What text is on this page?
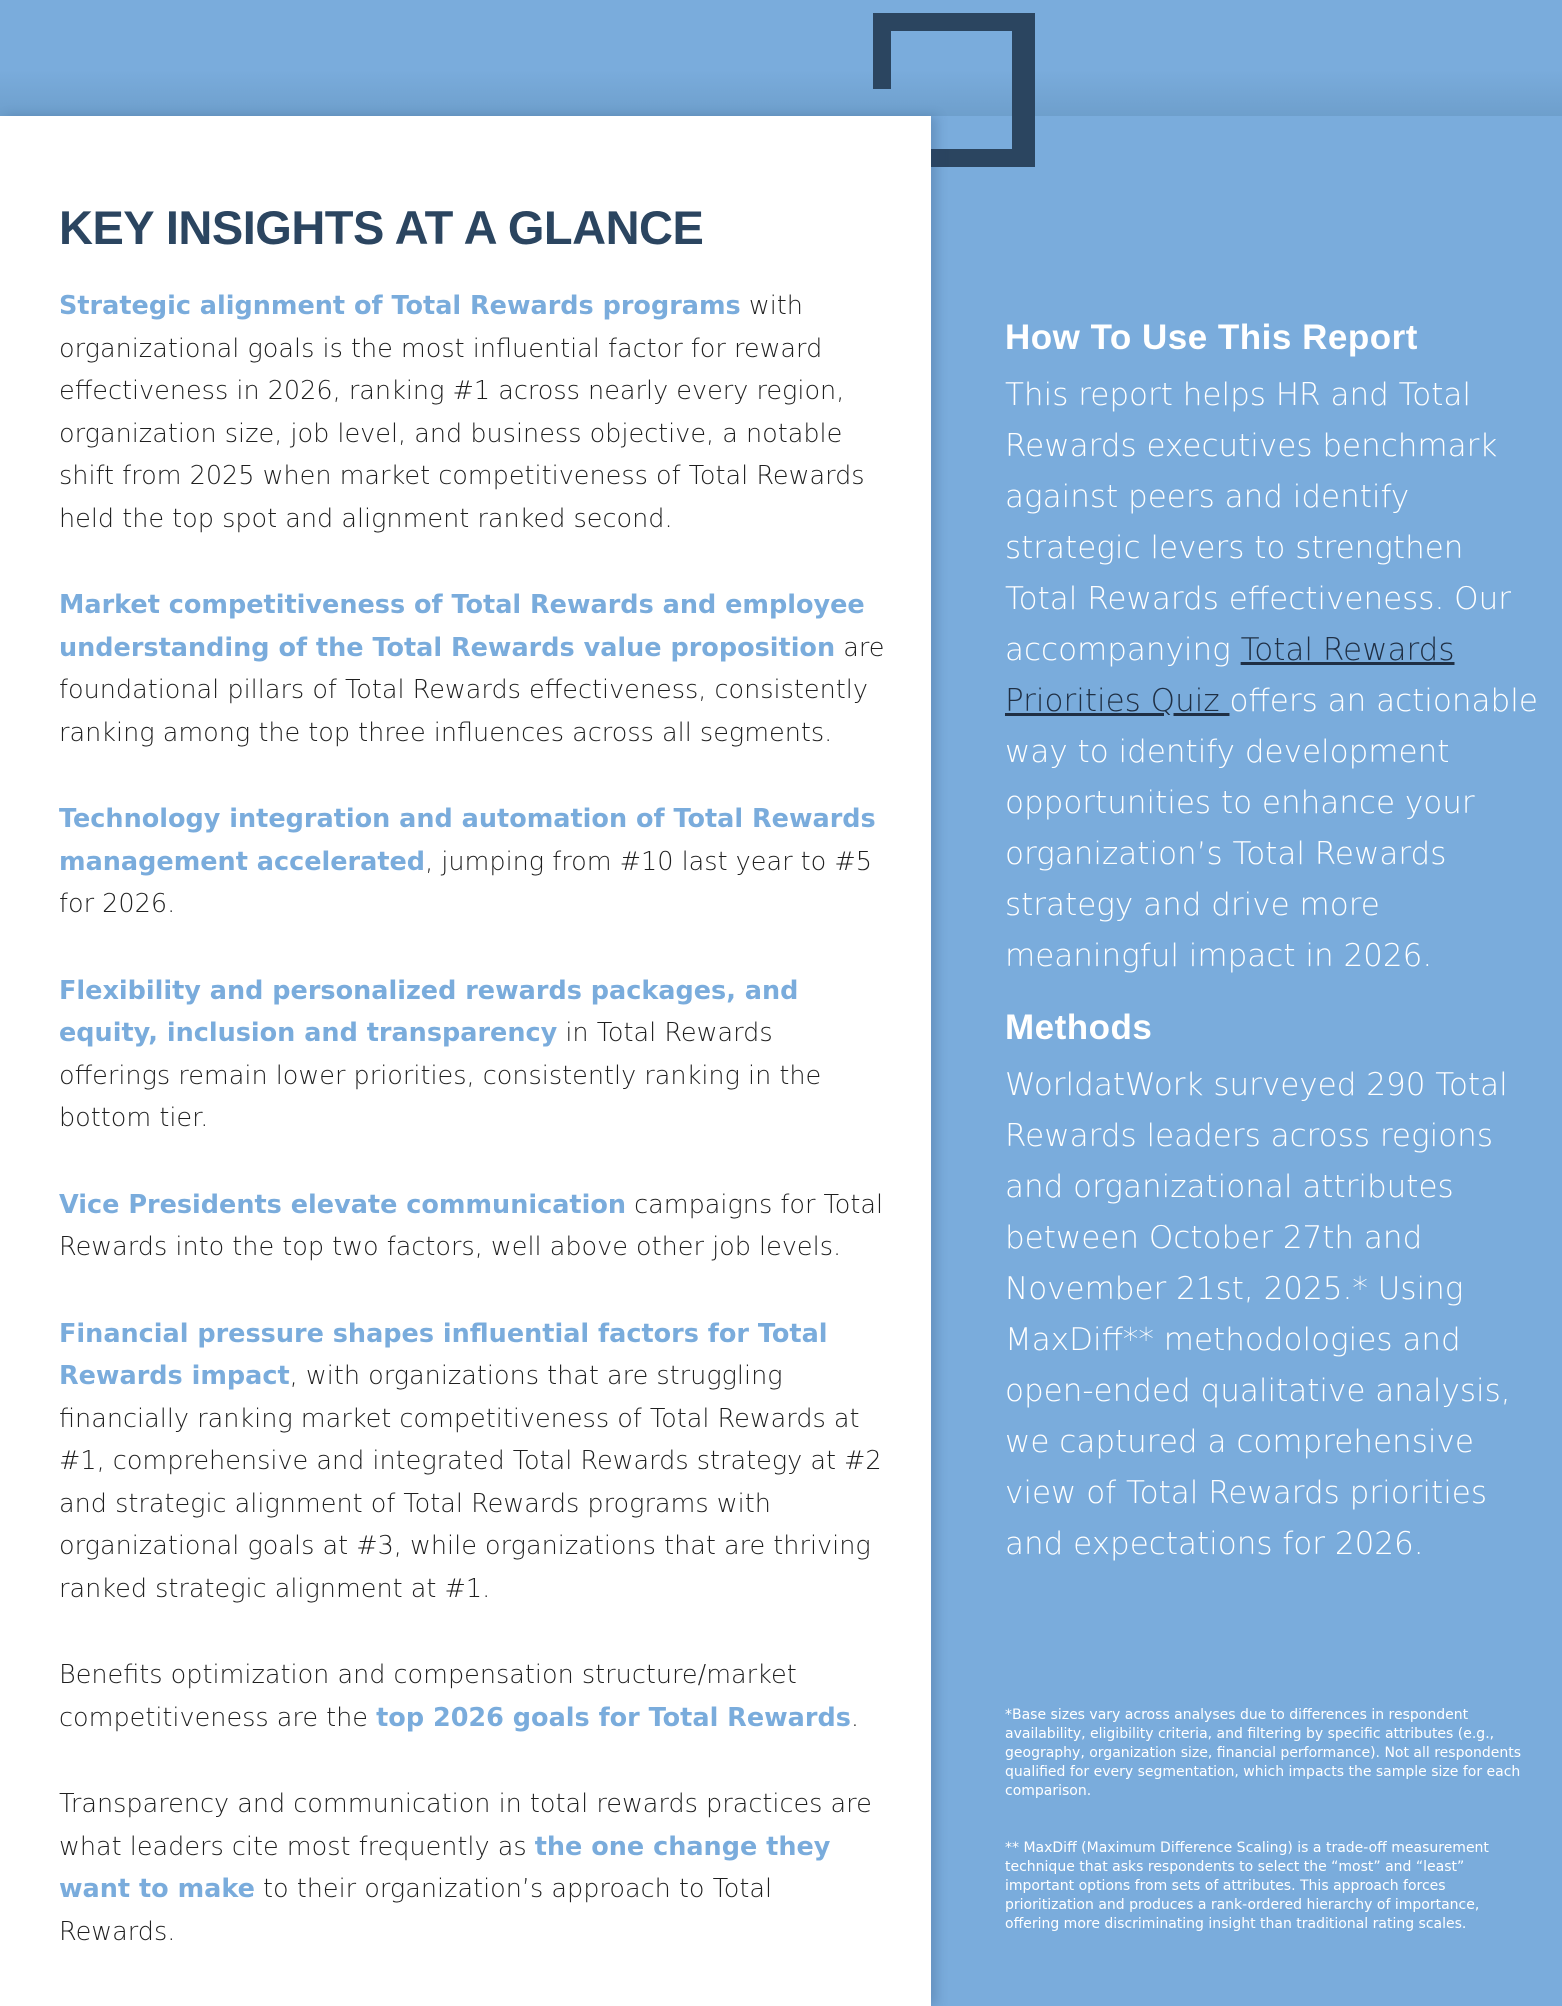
KEY INSIGHTS AT A GLANCE

Strategic alignment of Total Rewards programs with organizational goals is the most influential factor for reward effectiveness in 2026, ranking #1 across nearly every region, organization size, job level, and business objective, a notable shift from 2025 when market competitiveness of Total Rewards held the top spot and alignment ranked second.

Market competitiveness of Total Rewards and employee understanding of the Total Rewards value proposition are foundational pillars of Total Rewards effectiveness, consistently ranking among the top three influences across all segments.

Technology integration and automation of Total Rewards management accelerated, jumping from #10 last year to #5 for 2026.

Flexibility and personalized rewards packages, and equity, inclusion and transparency in Total Rewards offerings remain lower priorities, consistently ranking in the bottom tier.

Vice Presidents elevate communication campaigns for Total Rewards into the top two factors, well above other job levels.

Financial pressure shapes influential factors for Total Rewards impact, with organizations that are struggling financially ranking market competitiveness of Total Rewards at #1, comprehensive and integrated Total Rewards strategy at #2 and strategic alignment of Total Rewards programs with organizational goals at #3, while organizations that are thriving ranked strategic alignment at #1.

Benefits optimization and compensation structure/market competitiveness are the top 2026 goals for Total Rewards.

Transparency and communication in total rewards practices are what leaders cite most frequently as the one change they want to make to their organization’s approach to Total Rewards.

How To Use This Report

This report helps HR and Total Rewards executives benchmark against peers and identify strategic levers to strengthen Total Rewards effectiveness. Our accompanying Total Rewards Priorities Quiz offers an actionable way to identify development opportunities to enhance your organization’s Total Rewards strategy and drive more meaningful impact in 2026.

Methods

WorldatWork surveyed 290 Total Rewards leaders across regions and organizational attributes between October 27th and November 21st, 2025.* Using MaxDiff** methodologies and open-ended qualitative analysis, we captured a comprehensive view of Total Rewards priorities and expectations for 2026.

*Base sizes vary across analyses due to differences in respondent availability, eligibility criteria, and filtering by specific attributes (e.g., geography, organization size, financial performance). Not all respondents qualified for every segmentation, which impacts the sample size for each comparison.

** MaxDiff (Maximum Difference Scaling) is a trade-off measurement technique that asks respondents to select the “most” and “least” important options from sets of attributes. This approach forces prioritization and produces a rank-ordered hierarchy of importance, offering more discriminating insight than traditional rating scales.
